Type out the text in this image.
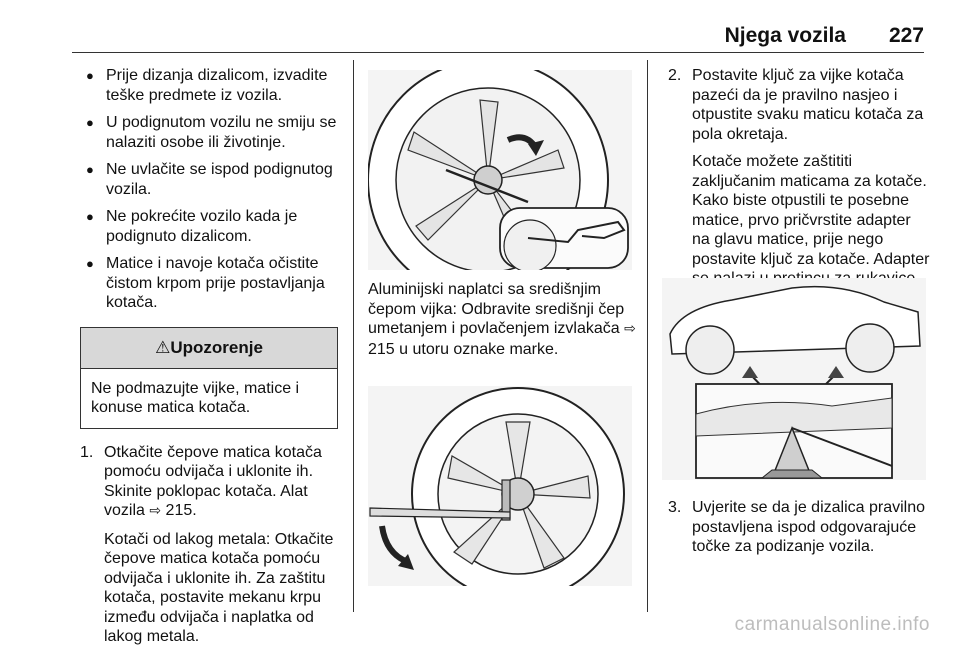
Njega vozila 227
● Prije dizanja dizalicom, izvadite teške predmete iz vozila.
● U podignutom vozilu ne smiju se nalaziti osobe ili životinje.
● Ne uvlačite se ispod podignutog vozila.
● Ne pokrećite vozilo kada je podignuto dizalicom.
● Matice i navoje kotača očistite čistom krpom prije postavljanja kotača.
⚠ Upozorenje
Ne podmazujte vijke, matice i konuse matica kotača.
1. Otkačite čepove matica kotača pomoću odvijača i uklonite ih. Skinite poklopac kotača. Alat vozila ⇨ 215.
Kotači od lakog metala: Otkačite čepove matica kotača pomoću odvijača i uklonite ih. Za zaštitu kotača, postavite mekanu krpu između odvijača i naplatka od lakog metala.
Aluminijski naplatci sa središnjim čepom vijka: Odbravite središnji čep umetanjem i povlačenjem izvlakača ⇨ 215 u utoru oznake marke.
2. Postavite ključ za vijke kotača pazeći da je pravilno nasjeo i otpustite svaku maticu kotača za pola okretaja.
Kotače možete zaštititi zaključanim maticama za kotače. Kako biste otpustili te posebne matice, prvo pričvrstite adapter na glavu matice, prije nego postavite ključ za kotače. Adapter
3. Uvjerite se da je dizalica pravilno postavljena ispod odgovarajuće točke za podizanje vozila.
carmanualsonline.info
